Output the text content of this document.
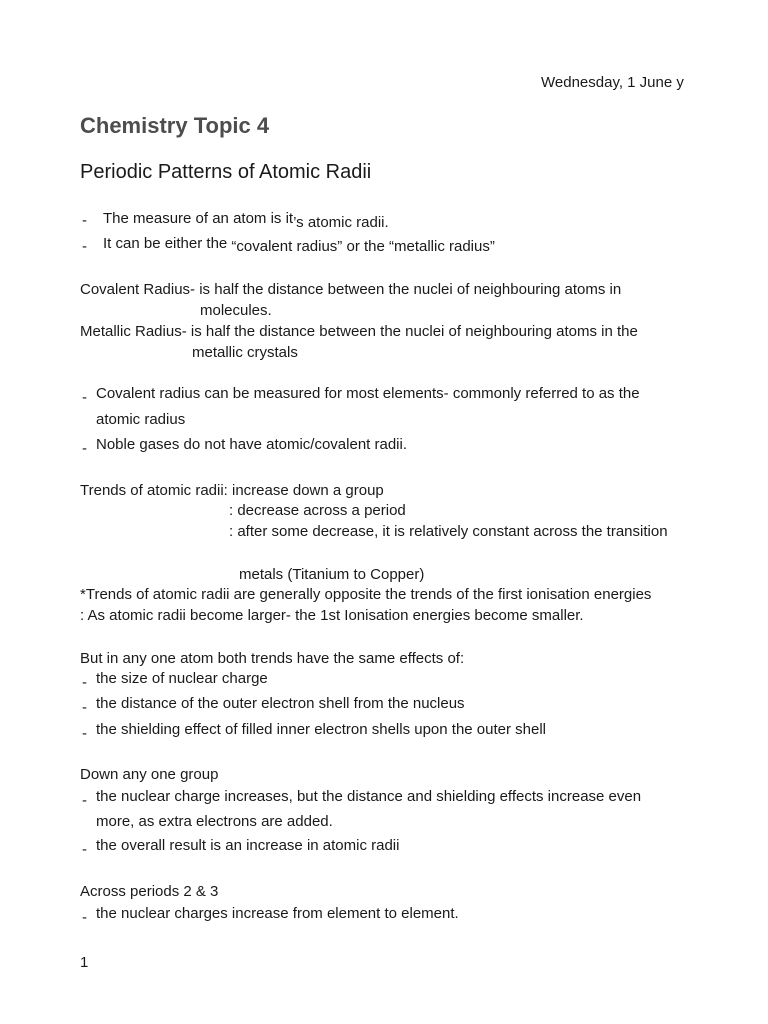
Wednesday, 1 June y
Chemistry Topic 4
Periodic Patterns of Atomic Radii
- The measure of an atom is it’s atomic radii.
- It can be either the “covalent radius” or the “metallic radius”
Covalent Radius- is half the distance between the nuclei of neighbouring atoms in
molecules.
Metallic Radius- is half the distance between the nuclei of neighbouring atoms in the
metallic crystals
- Covalent radius can be measured for most elements- commonly referred to as the
atomic radius
- Noble gases do not have atomic/covalent radii.
Trends of atomic radii: increase down a group
: decrease across a period
: after some decrease, it is relatively constant across the transition
metals (Titanium to Copper)
*Trends of atomic radii are generally opposite the trends of the first ionisation energies
: As atomic radii become larger- the 1st Ionisation energies become smaller.
But in any one atom both trends have the same effects of:
- the size of nuclear charge
- the distance of the outer electron shell from the nucleus
- the shielding effect of filled inner electron shells upon the outer shell
Down any one group
- the nuclear charge increases, but the distance and shielding effects increase even
more, as extra electrons are added.
- the overall result is an increase in atomic radii
Across periods 2 & 3
- the nuclear charges increase from element to element.
1
